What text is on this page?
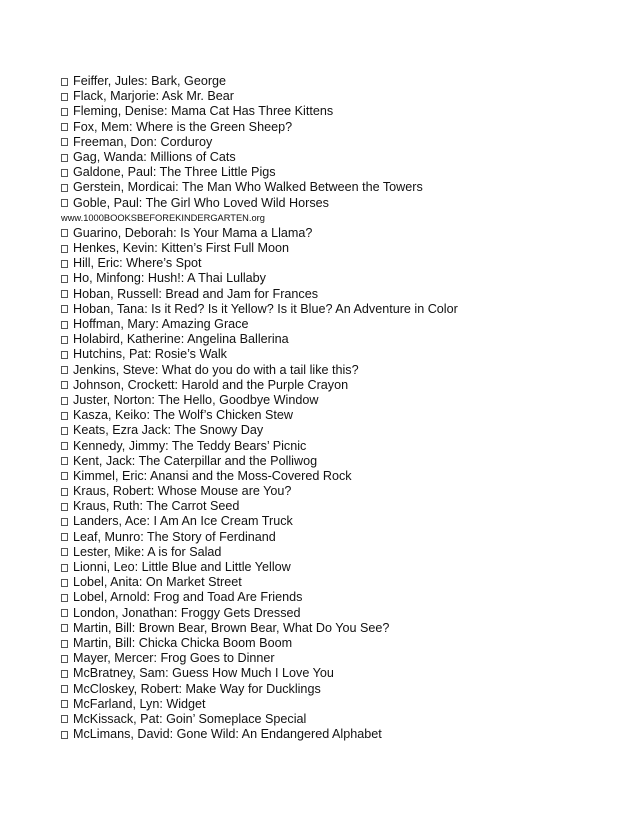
Feiffer, Jules: Bark, George
Flack, Marjorie: Ask Mr. Bear
Fleming, Denise: Mama Cat Has Three Kittens
Fox, Mem: Where is the Green Sheep?
Freeman, Don: Corduroy
Gag, Wanda: Millions of Cats
Galdone, Paul: The Three Little Pigs
Gerstein, Mordicai: The Man Who Walked Between the Towers
Goble, Paul: The Girl Who Loved Wild Horses
www.1000BOOKSBEFOREKINDERGARTEN.org
Guarino, Deborah: Is Your Mama a Llama?
Henkes, Kevin: Kitten’s First Full Moon
Hill, Eric: Where’s Spot
Ho, Minfong: Hush!: A Thai Lullaby
Hoban, Russell: Bread and Jam for Frances
Hoban, Tana: Is it Red? Is it Yellow? Is it Blue? An Adventure in Color
Hoffman, Mary: Amazing Grace
Holabird, Katherine: Angelina Ballerina
Hutchins, Pat: Rosie’s Walk
Jenkins, Steve: What do you do with a tail like this?
Johnson, Crockett: Harold and the Purple Crayon
Juster, Norton: The Hello, Goodbye Window
Kasza, Keiko: The Wolf’s Chicken Stew
Keats, Ezra Jack: The Snowy Day
Kennedy, Jimmy: The Teddy Bears’ Picnic
Kent, Jack: The Caterpillar and the Polliwog
Kimmel, Eric: Anansi and the Moss-Covered Rock
Kraus, Robert: Whose Mouse are You?
Kraus, Ruth: The Carrot Seed
Landers, Ace: I Am An Ice Cream Truck
Leaf, Munro: The Story of Ferdinand
Lester, Mike: A is for Salad
Lionni, Leo: Little Blue and Little Yellow
Lobel, Anita: On Market Street
Lobel, Arnold: Frog and Toad Are Friends
London, Jonathan: Froggy Gets Dressed
Martin, Bill: Brown Bear, Brown Bear, What Do You See?
Martin, Bill: Chicka Chicka Boom Boom
Mayer, Mercer: Frog Goes to Dinner
McBratney, Sam: Guess How Much I Love You
McCloskey, Robert: Make Way for Ducklings
McFarland, Lyn: Widget
McKissack, Pat: Goin’ Someplace Special
McLimans, David: Gone Wild: An Endangered Alphabet
